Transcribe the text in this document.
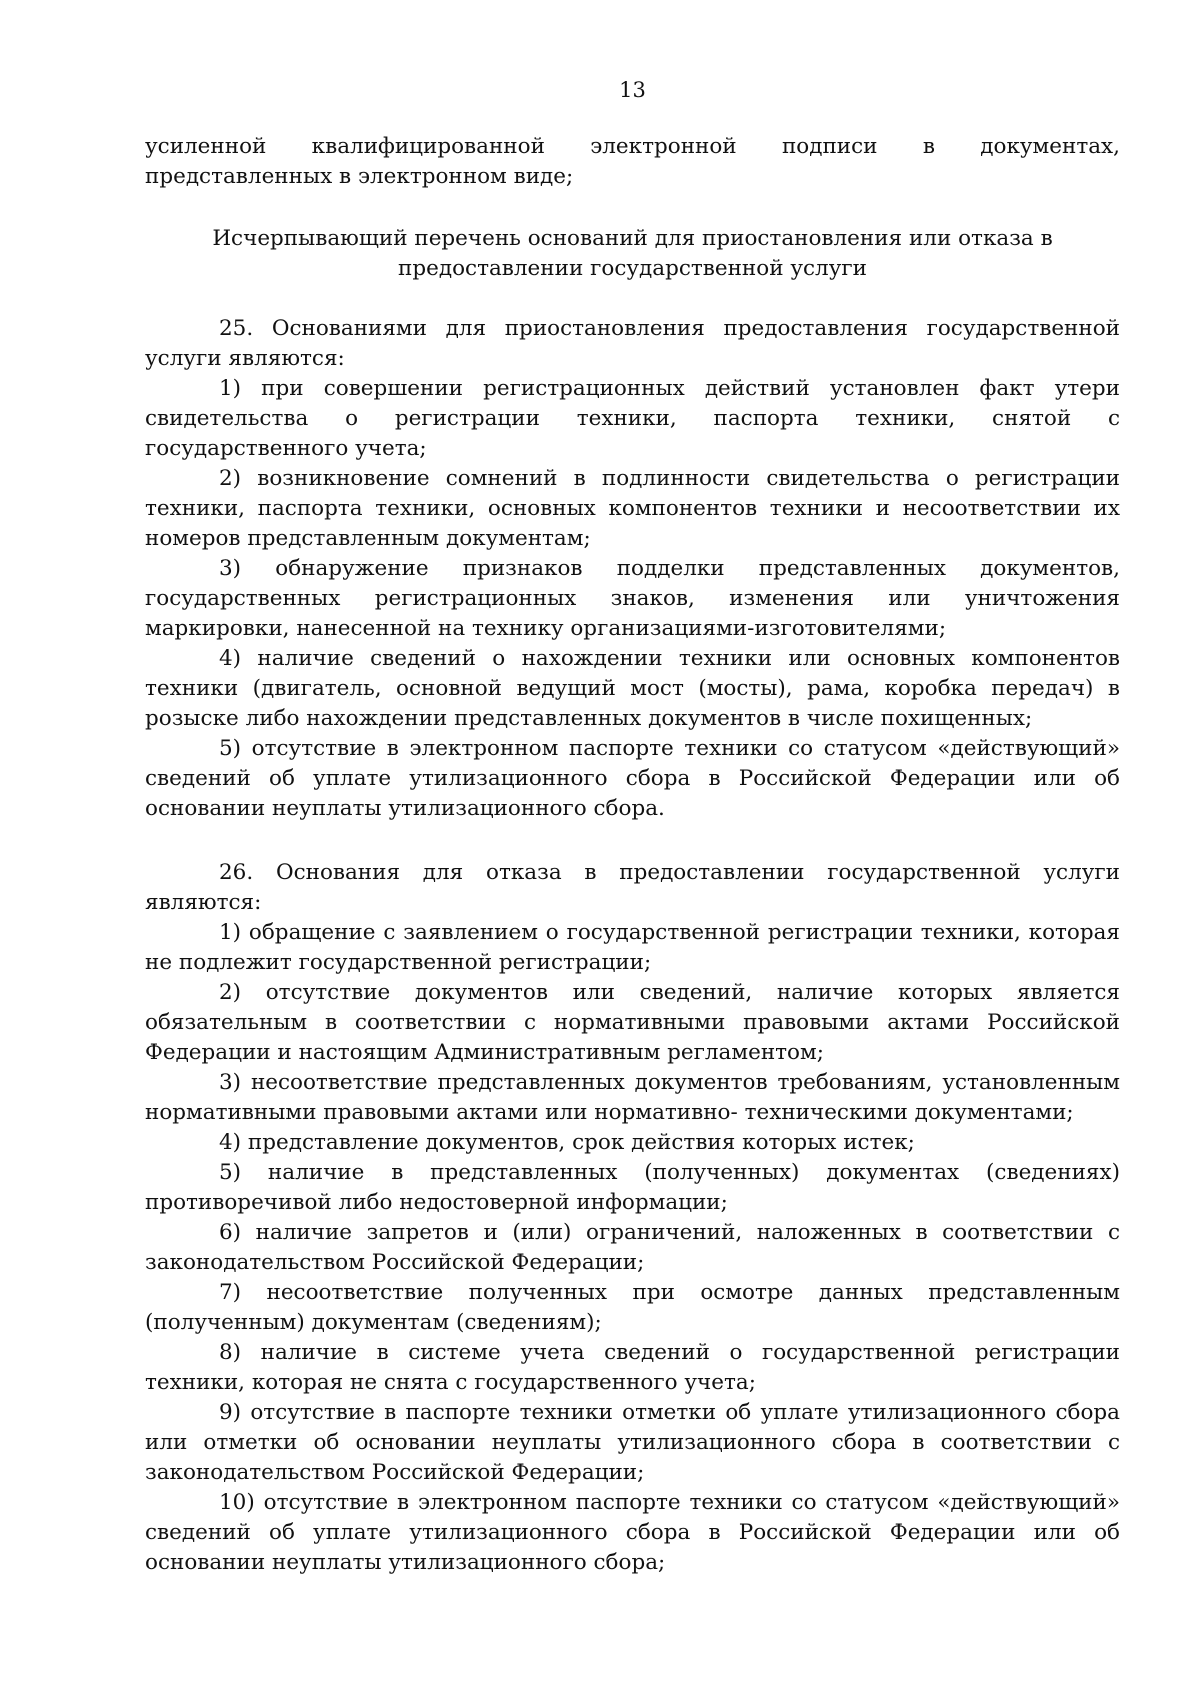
13

усиленной квалифицированной электронной подписи в документах, представленных в электронном виде;

Исчерпывающий перечень оснований для приостановления или отказа в предоставлении государственной услуги

25. Основаниями для приостановления предоставления государственной услуги являются:

1) при совершении регистрационных действий установлен факт утери свидетельства о регистрации техники, паспорта техники, снятой с государственного учета;

2) возникновение сомнений в подлинности свидетельства о регистрации техники, паспорта техники, основных компонентов техники и несоответствии их номеров представленным документам;

3) обнаружение признаков подделки представленных документов, государственных регистрационных знаков, изменения или уничтожения маркировки, нанесенной на технику организациями-изготовителями;

4) наличие сведений о нахождении техники или основных компонентов техники (двигатель, основной ведущий мост (мосты), рама, коробка передач) в розыске либо нахождении представленных документов в числе похищенных;

5) отсутствие в электронном паспорте техники со статусом «действующий» сведений об уплате утилизационного сбора в Российской Федерации или об основании неуплаты утилизационного сбора.

26. Основания для отказа в предоставлении государственной услуги являются:

1) обращение с заявлением о государственной регистрации техники, которая не подлежит государственной регистрации;

2) отсутствие документов или сведений, наличие которых является обязательным в соответствии с нормативными правовыми актами Российской Федерации и настоящим Административным регламентом;

3) несоответствие представленных документов требованиям, установленным нормативными правовыми актами или нормативно- техническими документами;

4) представление документов, срок действия которых истек;

5) наличие в представленных (полученных) документах (сведениях) противоречивой либо недостоверной информации;

6) наличие запретов и (или) ограничений, наложенных в соответствии с законодательством Российской Федерации;

7) несоответствие полученных при осмотре данных представленным (полученным) документам (сведениям);

8) наличие в системе учета сведений о государственной регистрации техники, которая не снята с государственного учета;

9) отсутствие в паспорте техники отметки об уплате утилизационного сбора или отметки об основании неуплаты утилизационного сбора в соответствии с законодательством Российской Федерации;

10) отсутствие в электронном паспорте техники со статусом «действующий» сведений об уплате утилизационного сбора в Российской Федерации или об основании неуплаты утилизационного сбора;
